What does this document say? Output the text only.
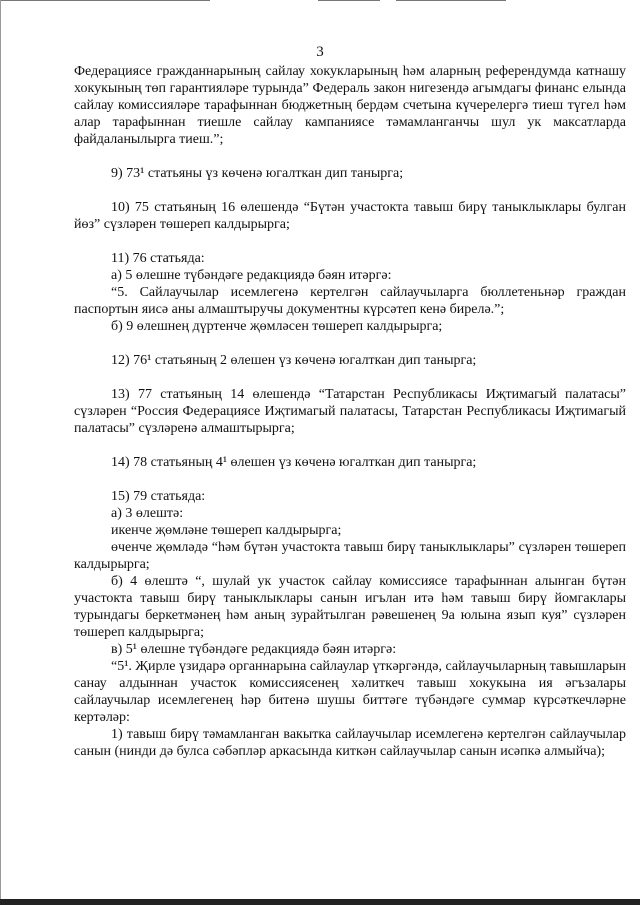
3

Федерациясе гражданнарының сайлау хокукларының һәм аларның референдумда катнашу хокукының төп гарантияләре турында” Федераль закон нигезендә агымдагы финанс елында сайлау комиссияләре тарафыннан бюджетның бердәм счетына күчерелергә тиеш түгел һәм алар тарафыннан тиешле сайлау кампаниясе тәмамланганчы шул ук максатларда файдаланылырга тиеш.”;

9) 73¹ статьяны үз көченә югалткан дип танырга;

10) 75 статьяның 16 өлешендә “Бүтән участокта тавыш бирү таныклыклары булган йөз” сүзләрен төшереп калдырырга;

11) 76 статьяда:

а) 5 өлешне түбәндәге редакциядә бәян итәргә:

“5. Сайлаучылар исемлегенә кертелгән сайлаучыларга бюллетеньнәр граждан паспортын яисә аны алмаштыручы документны күрсәтеп кенә бирелә.”;

б) 9 өлешнең дүртенче җөмләсен төшереп калдырырга;

12) 76¹ статьяның 2 өлешен үз көченә югалткан дип танырга;

13) 77 статьяның 14 өлешендә “Татарстан Республикасы Иҗтимагый палатасы” сүзләрен “Россия Федерациясе Иҗтимагый палатасы, Татарстан Республикасы Иҗтимагый палатасы” сүзләренә алмаштырырга;

14) 78 статьяның 4¹ өлешен үз көченә югалткан дип танырга;

15) 79 статьяда:

а) 3 өлештә:

икенче җөмләне төшереп калдырырга;

өченче җөмләдә “һәм бүтән участокта тавыш бирү таныклыклары” сүзләрен төшереп калдырырга;

б) 4 өлештә “, шулай ук участок сайлау комиссиясе тарафыннан алынган бүтән участокта тавыш бирү таныклыклары санын игълан итә һәм тавыш бирү йомгаклары турындагы беркетмәнең һәм аның зурайтылган рәвешенең 9а юлына язып куя” сүзләрен төшереп калдырырга;

в) 5¹ өлешне түбәндәге редакциядә бәян итәргә:

“5¹. Җирле үзидарә органнарына сайлаулар үткәргәндә, сайлаучыларның тавышларын санау алдыннан участок комиссиясенең хәлиткеч тавыш хокукына ия әгъзалары сайлаучылар исемлегенең һәр битенә шушы биттәге түбәндәге суммар күрсәткечләрне кертәләр:

1) тавыш бирү тәмамланган вакытка сайлаучылар исемлегенә кертелгән сайлаучылар санын (нинди дә булса сәбәпләр аркасында киткән сайлаучылар санын исәпкә алмыйча);
